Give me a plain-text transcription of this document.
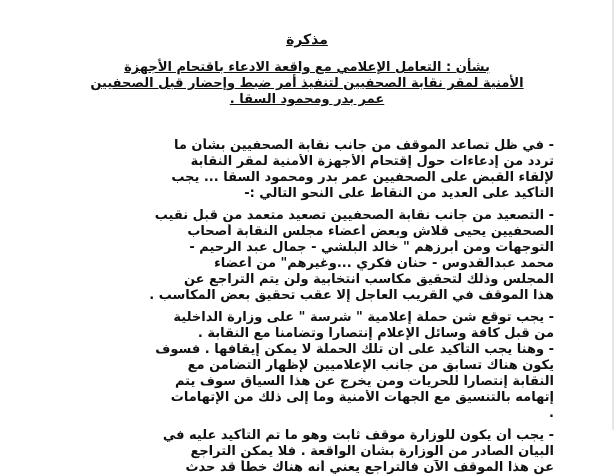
مذكرة
بشأن : التعامل الإعلامي مع واقعة الادعاء باقتحام الأجهزة
الأمنية لمقر نقابة الصحفيين لتنفيذ أمر ضبط وإحضار قبل الصحفيين
عمر بدر ومحمود السقا .
- في ظل تصاعد الموقف من جانب نقابة الصحفيين بشأن ما
تردد من إدعاءات حول إقتحام الأجهزة الأمنية لمقر النقابة
لإلقاء القبض على الصحفيين عمر بدر ومحمود السقا ... يجب
التأكيد على العديد من النقاط على النحو التالي :-
- التصعيد من جانب نقابة الصحفيين تصعيد متعمد من قبل نقيب
الصحفيين يحيى قلاش وبعض أعضاء مجلس النقابة أصحاب
التوجهات ومن أبرزهم " خالد البلشي - جمال عبد الرحيم -
محمد عبدالقدوس - حنان فكري ...وغيرهم" من أعضاء
المجلس وذلك لتحقيق مكاسب انتخابية ولن يتم التراجع عن
هذا الموقف في القريب العاجل إلا عقب تحقيق بعض المكاسب .
- يجب توقع شن حملة إعلامية " شرسة " على وزارة الداخلية
من قبل كافة وسائل الإعلام إنتصاراً وتضامناً مع النقابة .
- وهنا يجب التأكيد على أن تلك الحملة لا يمكن إيقافها . فسوف
يكون هناك تسابق من جانب الإعلاميين لإظهار التضامن مع
النقابة إنتصاراً للحريات ومن يخرج عن هذا السياق سوف يتم
إتهامه بالتنسيق مع الجهات الأمنية وما إلى ذلك من الإتهامات
.
- يجب أن يكون للوزارة موقف ثابت وهو ما تم التأكيد عليه في
البيان الصادر من الوزارة بشأن الواقعة . فلا يمكن التراجع
عن هذا الموقف الآن فالتراجع يعني أنه هناك خطأ قد حدث
